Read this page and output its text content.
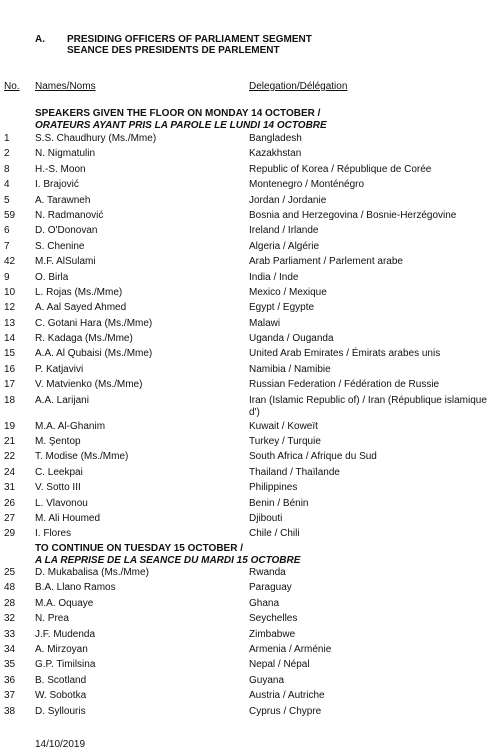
A. PRESIDING OFFICERS OF PARLIAMENT SEGMENT
SEANCE DES PRESIDENTS DE PARLEMENT
No. Names/Noms	Delegation/Délégation
SPEAKERS GIVEN THE FLOOR ON MONDAY 14 OCTOBER /
ORATEURS AYANT PRIS LA PAROLE LE LUNDI 14 OCTOBRE
1	S.S. Chaudhury (Ms./Mme)	Bangladesh
2	N. Nigmatulin	Kazakhstan
8	H.-S. Moon	Republic of Korea / République de Corée
4	I. Brajović	Montenegro / Monténégro
5	A. Tarawneh	Jordan / Jordanie
59 N. Radmanović	Bosnia and Herzegovina / Bosnie-Herzégovine
6	D. O'Donovan	Ireland / Irlande
7	S. Chenine	Algeria / Algérie
42 M.F. AlSulami	Arab Parliament / Parlement arabe
9	O. Birla	India / Inde
10 L. Rojas (Ms./Mme)	Mexico / Mexique
12 A. Aal Sayed Ahmed	Egypt / Egypte
13 C. Gotani Hara (Ms./Mme)	Malawi
14 R. Kadaga (Ms./Mme)	Uganda / Ouganda
15 A.A. Al Qubaisi (Ms./Mme)	United Arab Emirates / Émirats arabes unis
16 P. Katjavivi	Namibia / Namibie
17 V. Matvienko (Ms./Mme)	Russian Federation / Fédération de Russie
18 A.A. Larijani	Iran (Islamic Republic of) / Iran (République islamique d')
19 M.A. Al-Ghanim	Kuwait / Koweït
21 M. Şentop	Turkey / Turquie
22 T. Modise (Ms./Mme)	South Africa / Afrique du Sud
24 C. Leekpai	Thailand / Thaïlande
31 V. Sotto III	Philippines
26 L. Vlavonou	Benin / Bénin
27 M. Ali Houmed	Djibouti
29 I. Flores	Chile / Chili
TO CONTINUE ON TUESDAY 15 OCTOBER /
A LA REPRISE DE LA SEANCE DU MARDI 15 OCTOBRE
25 D. Mukabalisa (Ms./Mme)	Rwanda
48 B.A. Llano Ramos	Paraguay
28 M.A. Oquaye	Ghana
32 N. Prea	Seychelles
33 J.F. Mudenda	Zimbabwe
34 A. Mirzoyan	Armenia / Arménie
35 G.P. Timilsina	Nepal / Népal
36 B. Scotland	Guyana
37 W. Sobotka	Austria / Autriche
38 D. Syllouris	Cyprus / Chypre
14/10/2019
